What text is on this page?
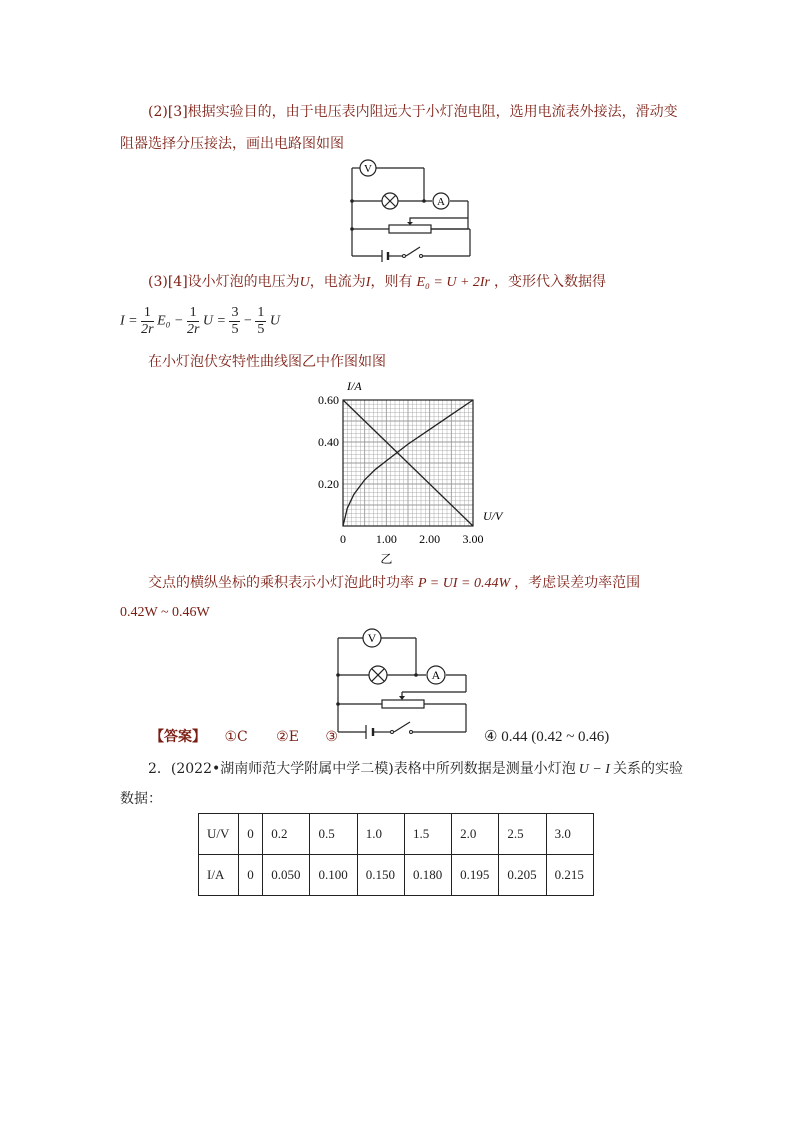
(2)[3]根据实验目的，由于电压表内阻远大于小灯泡电阻，选用电流表外接法，滑动变
阻器选择分压接法，画出电路图如图
V
A
(3)[4]设小灯泡的电压为U，电流为I，则有 E₀ = U + 2Ir ，变形代入数据得
$I = \frac{1}{2r} E_0 - \frac{1}{2r}$ $U = \frac{3}{5} - \frac{1}{5}$ U
在小灯泡伏安特性曲线图乙中作图如图
1.00 2.00 3.00
0.20
0.40
0.60
I/A
U/V
0
乙
交点的横纵坐标的乘积表示小灯泡此时功率 P = UI = 0.44W ，考虑误差功率范围
0.42W ~ 0.46W
V
A
【答案】 ①C ②E ③	④ 0.44 (0.42 ~ 0.46)
2．(2022•湖南师范大学附属中学二模)表格中所列数据是测量小灯泡 U − I 关系的实验
数据：
U/V	0	0.2	0.5	1.0	1.5	2.0	2.5	3.0
I/A	0	0.050	0.100	0.150	0.180	0.195	0.205	0.215
